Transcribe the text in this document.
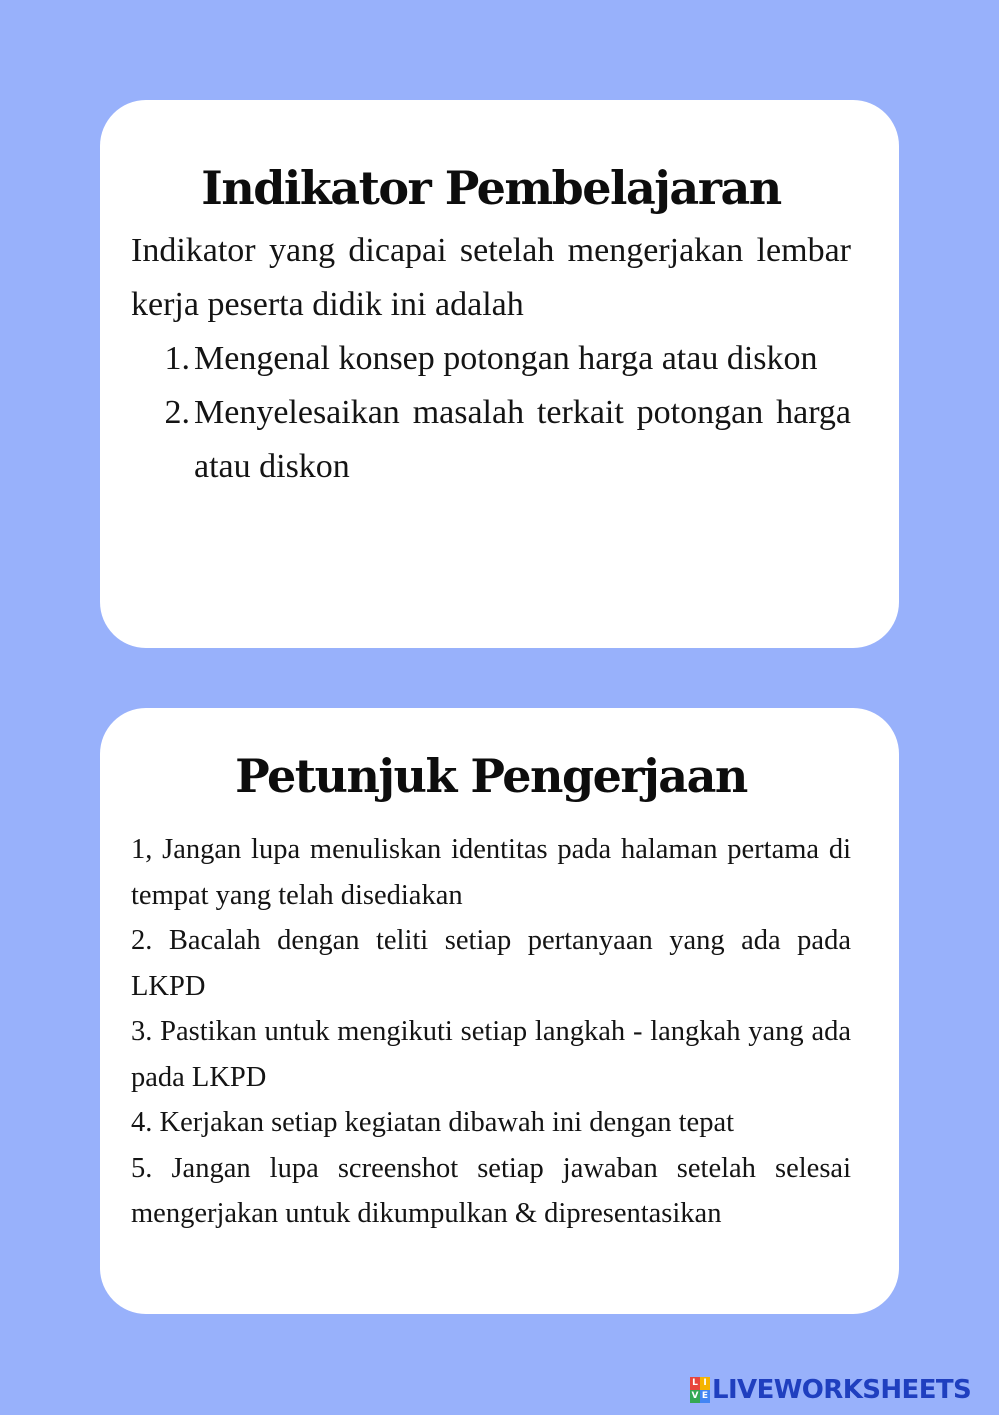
Indikator Pembelajaran

Indikator yang dicapai setelah mengerjakan lembar kerja peserta didik ini adalah

1. Mengenal konsep potongan harga atau diskon
2. Menyelesaikan masalah terkait potongan harga atau diskon
Petunjuk Pengerjaan

1, Jangan lupa menuliskan identitas pada halaman pertama di tempat yang telah disediakan

2. Bacalah dengan teliti setiap pertanyaan yang ada pada LKPD

3. Pastikan untuk mengikuti setiap langkah - langkah yang ada pada LKPD

4. Kerjakan setiap kegiatan dibawah ini dengan tepat

5. Jangan lupa screenshot setiap jawaban setelah selesai mengerjakan untuk dikumpulkan & dipresentasikan

L I
V E LIVEWORKSHEETS
